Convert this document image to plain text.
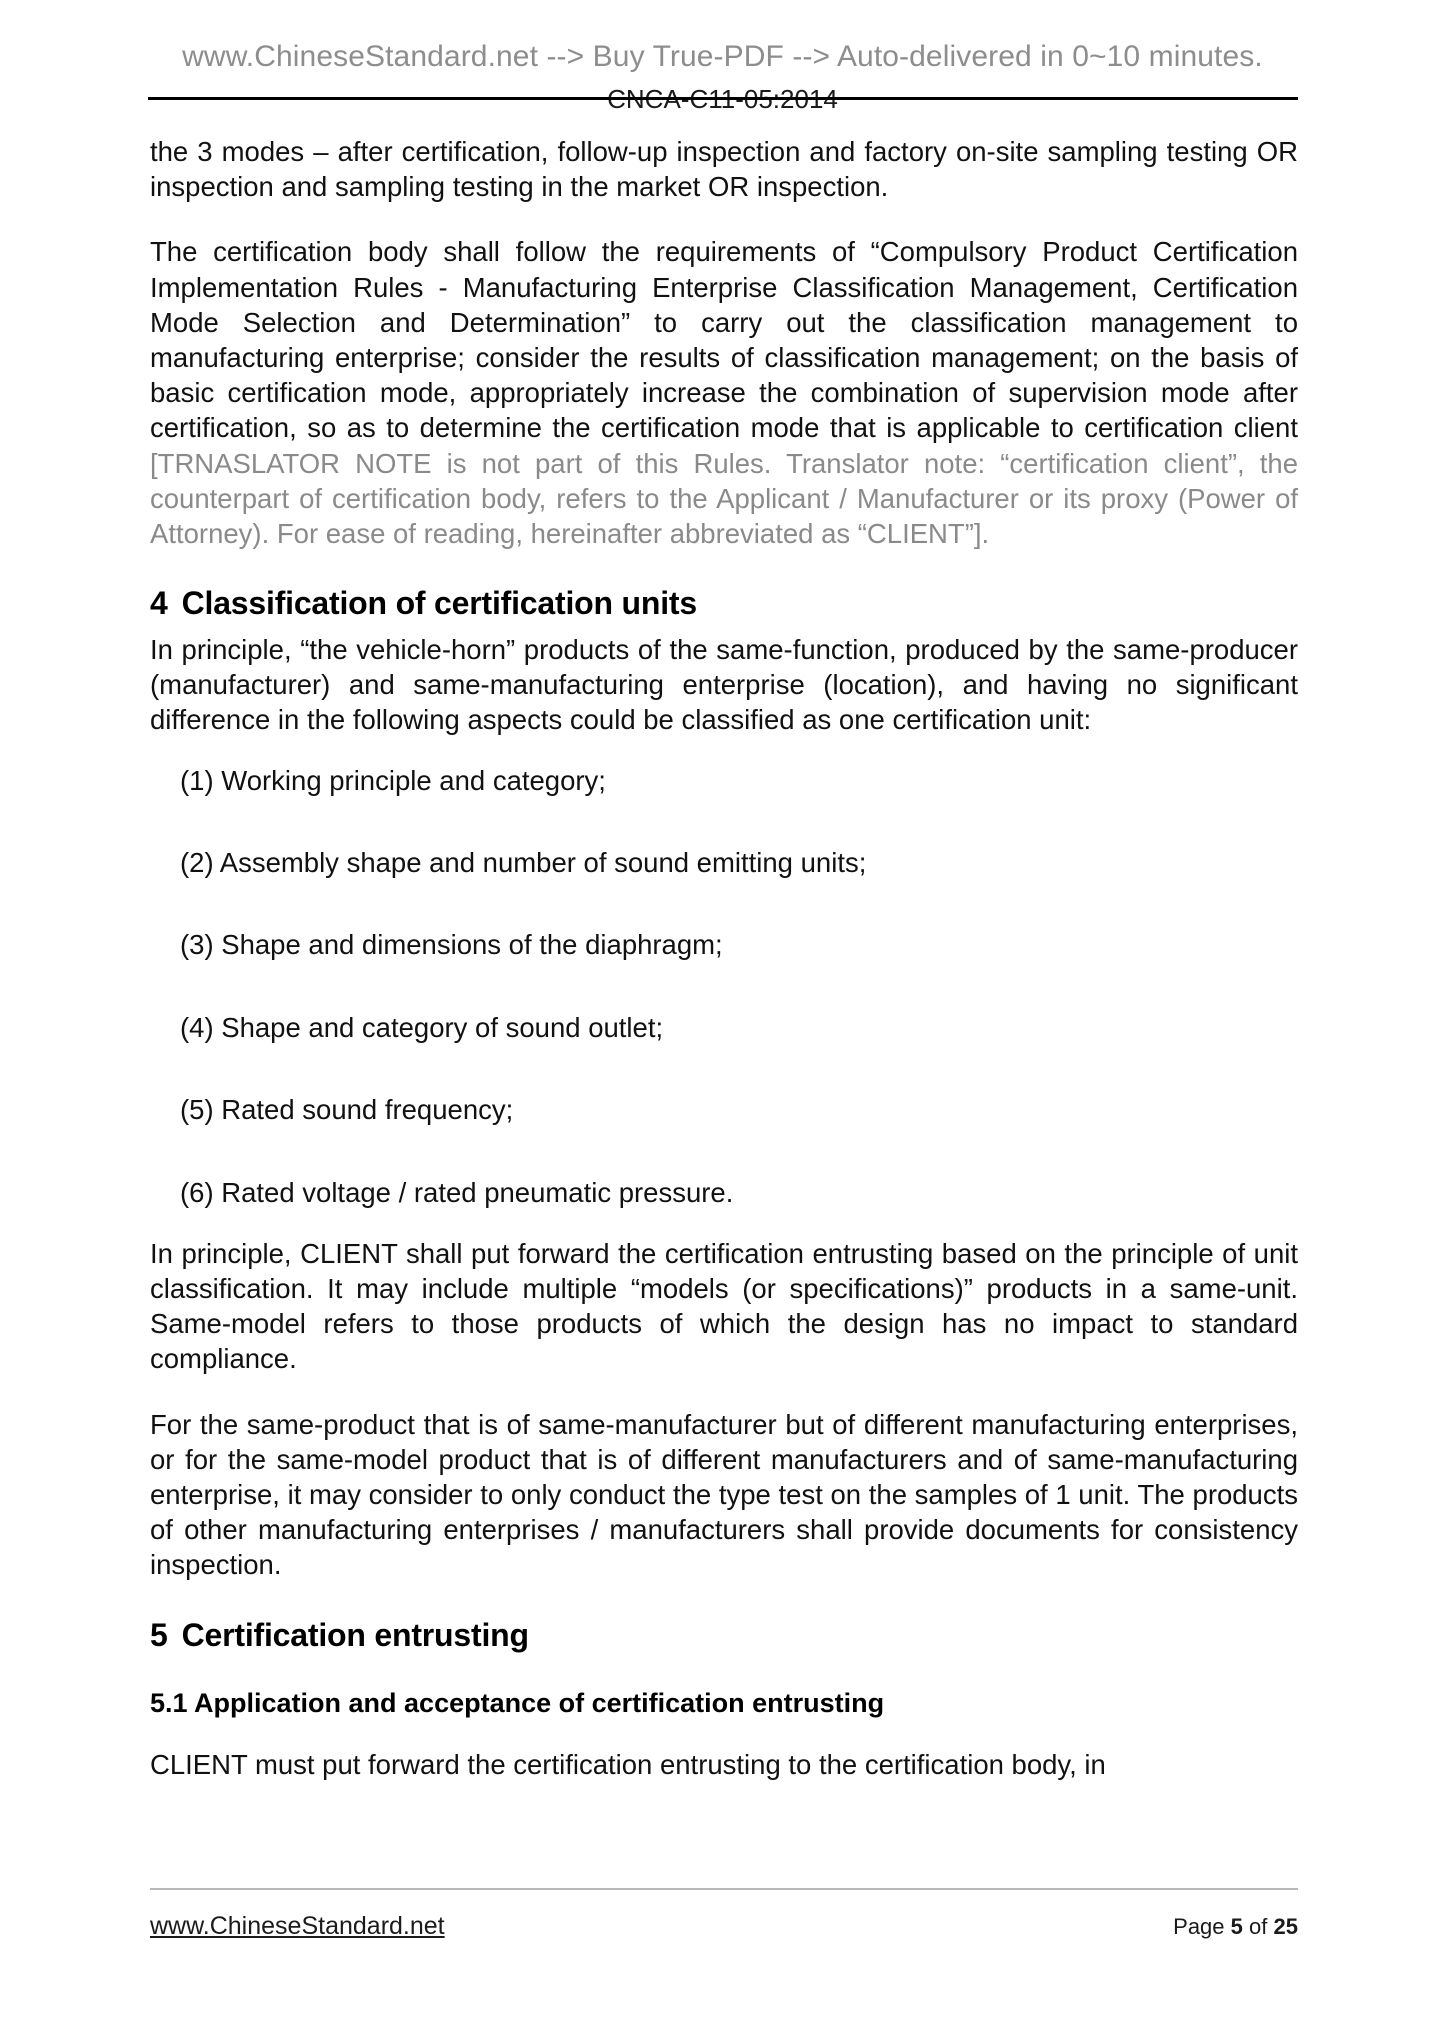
www.ChineseStandard.net --> Buy True-PDF --> Auto-delivered in 0~10 minutes.
CNCA-C11-05:2014

the 3 modes – after certification, follow-up inspection and factory on-site sampling testing OR inspection and sampling testing in the market OR inspection.

The certification body shall follow the requirements of “Compulsory Product Certification Implementation Rules - Manufacturing Enterprise Classification Management, Certification Mode Selection and Determination” to carry out the classification management to manufacturing enterprise; consider the results of classification management; on the basis of basic certification mode, appropriately increase the combination of supervision mode after certification, so as to determine the certification mode that is applicable to certification client [TRNASLATOR NOTE is not part of this Rules. Translator note: “certification client”, the counterpart of certification body, refers to the Applicant / Manufacturer or its proxy (Power of Attorney). For ease of reading, hereinafter abbreviated as “CLIENT”].

4 Classification of certification units

In principle, “the vehicle-horn” products of the same-function, produced by the same-producer (manufacturer) and same-manufacturing enterprise (location), and having no significant difference in the following aspects could be classified as one certification unit:

(1) Working principle and category;
(2) Assembly shape and number of sound emitting units;
(3) Shape and dimensions of the diaphragm;
(4) Shape and category of sound outlet;
(5) Rated sound frequency;
(6) Rated voltage / rated pneumatic pressure.

In principle, CLIENT shall put forward the certification entrusting based on the principle of unit classification. It may include multiple “models (or specifications)” products in a same-unit. Same-model refers to those products of which the design has no impact to standard compliance.

For the same-product that is of same-manufacturer but of different manufacturing enterprises, or for the same-model product that is of different manufacturers and of same-manufacturing enterprise, it may consider to only conduct the type test on the samples of 1 unit. The products of other manufacturing enterprises / manufacturers shall provide documents for consistency inspection.

5 Certification entrusting
5.1 Application and acceptance of certification entrusting

CLIENT must put forward the certification entrusting to the certification body, in

www.ChineseStandard.net	Page 5 of 25
